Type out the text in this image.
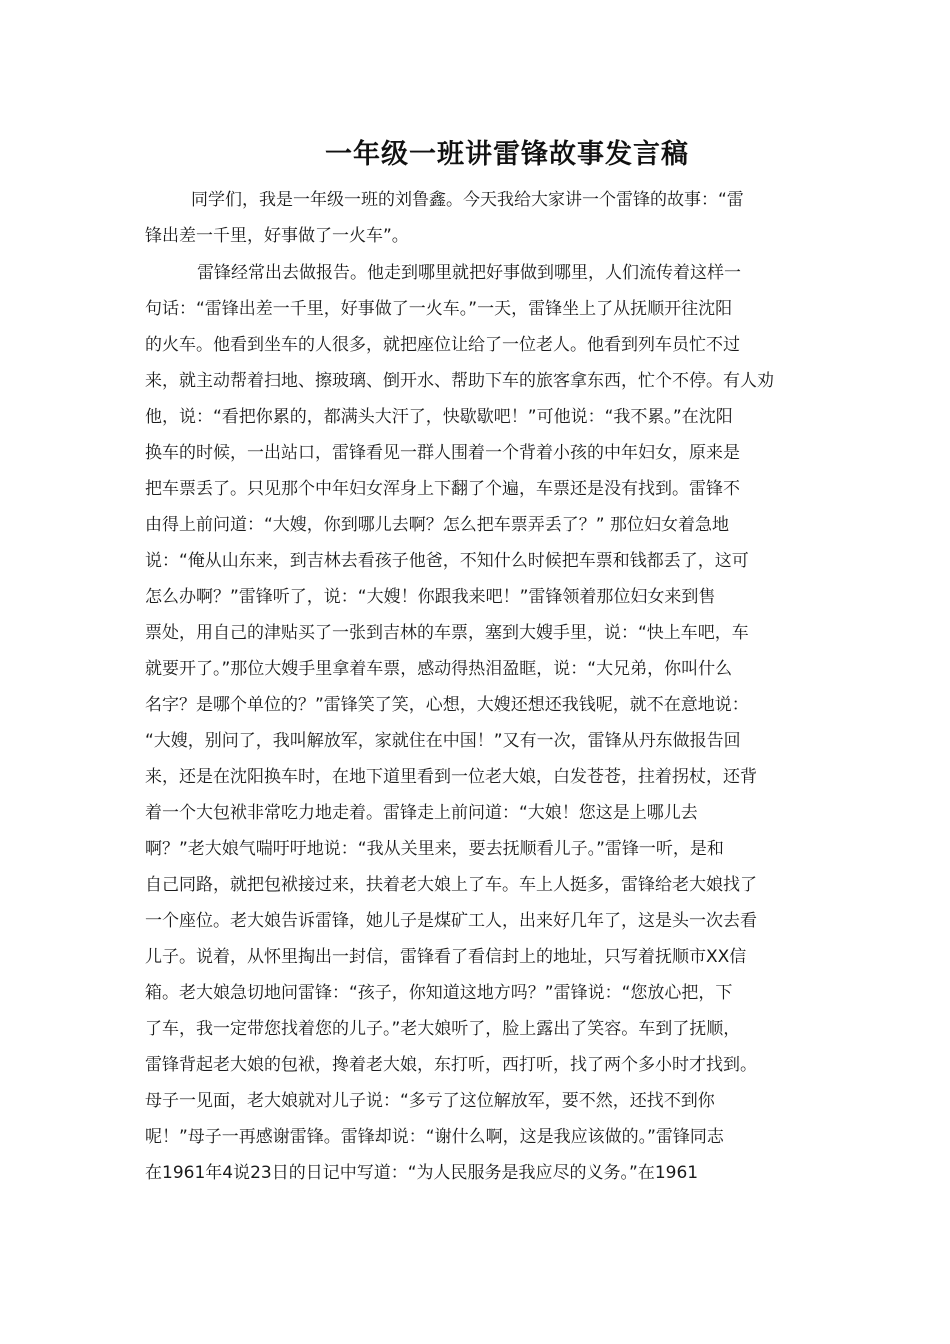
一年级一班讲雷锋故事发言稿
同学们，我是一年级一班的刘鲁鑫。今天我给大家讲一个雷锋的故事：“雷
锋出差一千里，好事做了一火车”。
雷锋经常出去做报告。他走到哪里就把好事做到哪里，人们流传着这样一
句话：“雷锋出差一千里，好事做了一火车。”一天，雷锋坐上了从抚顺开往沈阳
的火车。他看到坐车的人很多，就把座位让给了一位老人。他看到列车员忙不过
来，就主动帮着扫地、擦玻璃、倒开水、帮助下车的旅客拿东西，忙个不停。有人劝
他，说：“看把你累的，都满头大汗了，快歇歇吧！”可他说：“我不累。”在沈阳
换车的时候，一出站口，雷锋看见一群人围着一个背着小孩的中年妇女，原来是
把车票丢了。只见那个中年妇女浑身上下翻了个遍，车票还是没有找到。雷锋不
由得上前问道：“大嫂，你到哪儿去啊？怎么把车票弄丢了？” 那位妇女着急地
说：“俺从山东来，到吉林去看孩子他爸，不知什么时候把车票和钱都丢了，这可
怎么办啊？”雷锋听了，说：“大嫂！你跟我来吧！”雷锋领着那位妇女来到售
票处，用自己的津贴买了一张到吉林的车票，塞到大嫂手里，说：“快上车吧，车
就要开了。”那位大嫂手里拿着车票，感动得热泪盈眶，说：“大兄弟，你叫什么
名字？是哪个单位的？”雷锋笑了笑，心想，大嫂还想还我钱呢，就不在意地说：
“大嫂，别问了，我叫解放军，家就住在中国！”又有一次，雷锋从丹东做报告回
来，还是在沈阳换车时，在地下道里看到一位老大娘，白发苍苍，拄着拐杖，还背
着一个大包袱非常吃力地走着。雷锋走上前问道：“大娘！您这是上哪儿去
啊？”老大娘气喘吁吁地说：“我从关里来，要去抚顺看儿子。”雷锋一听，是和
自己同路，就把包袱接过来，扶着老大娘上了车。车上人挺多，雷锋给老大娘找了
一个座位。老大娘告诉雷锋，她儿子是煤矿工人，出来好几年了，这是头一次去看
儿子。说着，从怀里掏出一封信，雷锋看了看信封上的地址，只写着抚顺市XX信
箱。老大娘急切地问雷锋：“孩子，你知道这地方吗？”雷锋说：“您放心把，下
了车，我一定带您找着您的儿子。”老大娘听了，脸上露出了笑容。车到了抚顺，
雷锋背起老大娘的包袱，搀着老大娘，东打听，西打听，找了两个多小时才找到。
母子一见面，老大娘就对儿子说：“多亏了这位解放军，要不然，还找不到你
呢！”母子一再感谢雷锋。雷锋却说：“谢什么啊，这是我应该做的。”雷锋同志
在1961年4说23日的日记中写道：“为人民服务是我应尽的义务。”在1961
